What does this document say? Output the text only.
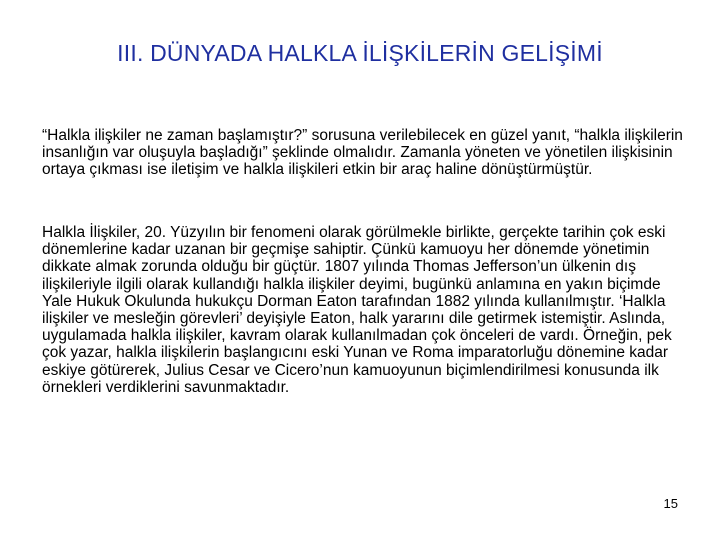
III. DÜNYADA HALKLA İLİŞKİLERİN GELİŞİMİ

“Halkla ilişkiler ne zaman başlamıştır?” sorusuna verilebilecek en güzel yanıt, “halkla ilişkilerin insanlığın var oluşuyla başladığı” şeklinde olmalıdır. Zamanla yöneten ve yönetilen ilişkisinin ortaya çıkması ise iletişim ve halkla ilişkileri etkin bir araç haline dönüştürmüştür.

Halkla İlişkiler, 20. Yüzyılın bir fenomeni olarak görülmekle birlikte, gerçekte tarihin çok eski dönemlerine kadar uzanan bir geçmişe sahiptir. Çünkü kamuoyu her dönemde yönetimin dikkate almak zorunda olduğu bir güçtür. 1807 yılında Thomas Jefferson’un ülkenin dış ilişkileriyle ilgili olarak kullandığı halkla ilişkiler deyimi, bugünkü anlamına en yakın biçimde Yale Hukuk Okulunda hukukçu Dorman Eaton tarafından 1882 yılında kullanılmıştır. ‘Halkla ilişkiler ve mesleğin görevleri’ deyişiyle Eaton, halk yararını dile getirmek istemiştir. Aslında, uygulamada halkla ilişkiler, kavram olarak kullanılmadan çok önceleri de vardı. Örneğin, pek çok yazar, halkla ilişkilerin başlangıcını eski Yunan ve Roma imparatorluğu dönemine kadar eskiye götürerek, Julius Cesar ve Cicero’nun kamuoyunun biçimlendirilmesi konusunda ilk örnekleri verdiklerini savunmaktadır.

15
